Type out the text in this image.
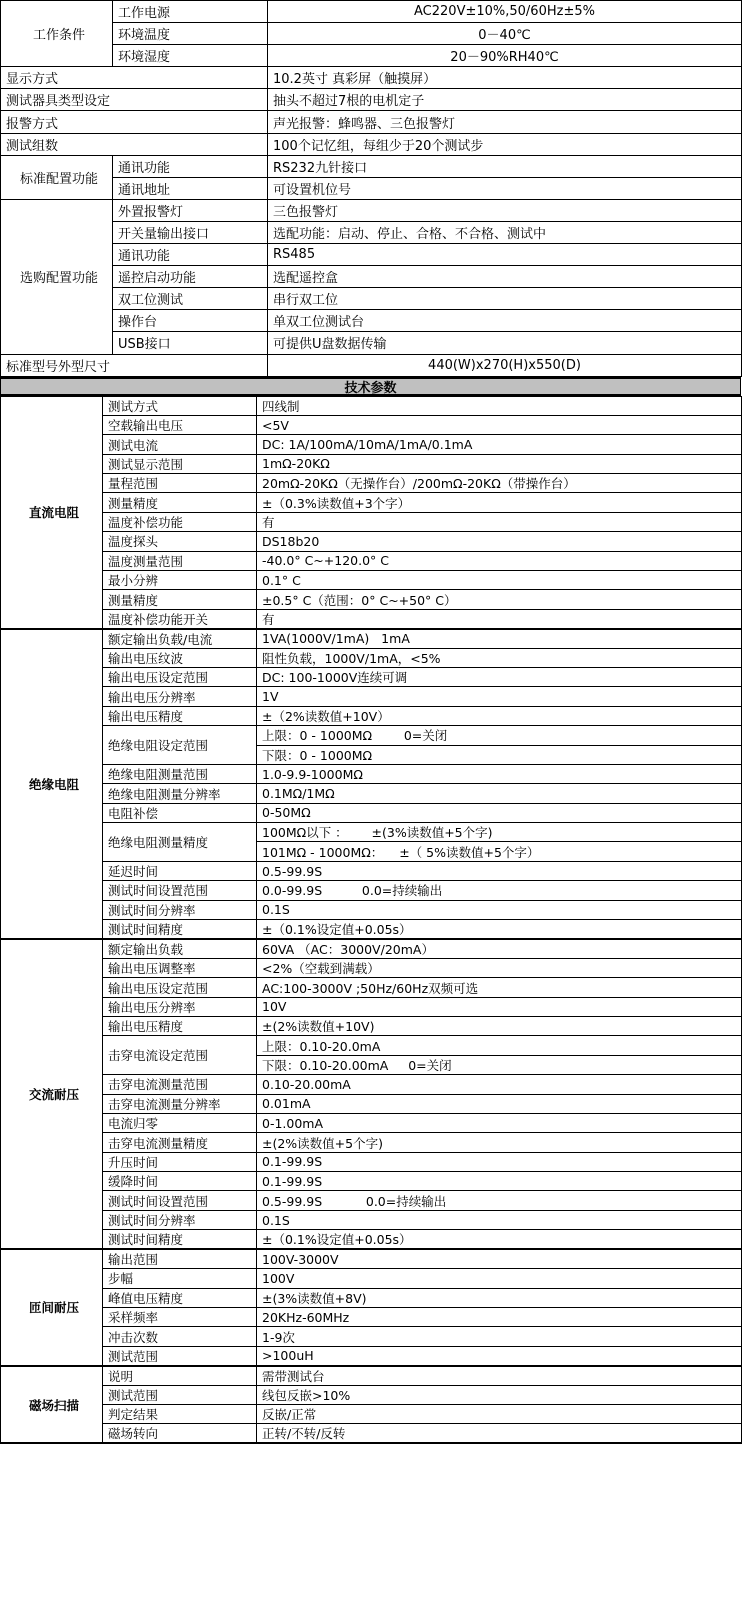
工作条件	工作电源	AC220V±10%,50/60Hz±5%
	环境温度	0－40℃
	环境湿度	20－90%RH40℃
显示方式		10.2英寸 真彩屏（触摸屏）
测试器具类型设定		抽头不超过7根的电机定子
报警方式		声光报警：蜂鸣器、三色报警灯
测试组数		100个记忆组，每组少于20个测试步
标准配置功能	通讯功能	RS232九针接口
	通讯地址	可设置机位号
选购配置功能	外置报警灯	三色报警灯
	开关量输出接口	选配功能：启动、停止、合格、不合格、测试中
	通讯功能	RS485
	遥控启动功能	选配遥控盒
	双工位测试	串行双工位
	操作台	单双工位测试台
	USB接口	可提供U盘数据传输
标准型号外型尺寸		440(W)x270(H)x550(D)
技术参数
直流电阻	测试方式	四线制
	空载输出电压	<5V
	测试电流	DC: 1A/100mA/10mA/1mA/0.1mA
	测试显示范围	1mΩ-20KΩ
	量程范围	20mΩ-20KΩ（无操作台）/200mΩ-20KΩ（带操作台）
	测量精度	±（0.3%读数值+3个字）
	温度补偿功能	有
	温度探头	DS18b20
	温度测量范围	-40.0° C~+120.0° C
	最小分辨	0.1° C
	测量精度	±0.5° C（范围：0° C~+50° C）
	温度补偿功能开关	有
绝缘电阻	额定输出负载/电流	1VA(1000V/1mA)   1mA
	输出电压纹波	阻性负载，1000V/1mA，<5%
	输出电压设定范围	DC: 100-1000V连续可调
	输出电压分辨率	1V
	输出电压精度	±（2%读数值+10V）
	绝缘电阻设定范围	上限：0 - 1000MΩ        0=关闭
		下限：0 - 1000MΩ
	绝缘电阻测量范围	1.0-9.9-1000MΩ
	绝缘电阻测量分辨率	0.1MΩ/1MΩ
	电阻补偿	0-50MΩ
	绝缘电阻测量精度	100MΩ以下 ：      ±(3%读数值+5个字)
		101MΩ - 1000MΩ：    ±（ 5%读数值+5个字）
	延迟时间	0.5-99.9S
	测试时间设置范围	0.0-99.9S          0.0=持续输出
	测试时间分辨率	0.1S
	测试时间精度	±（0.1%设定值+0.05s）
交流耐压	额定输出负载	60VA （AC：3000V/20mA）
	输出电压调整率	<2%（空载到满载）
	输出电压设定范围	AC:100-3000V ;50Hz/60Hz双频可选
	输出电压分辨率	10V
	输出电压精度	±(2%读数值+10V)
	击穿电流设定范围	上限：0.10-20.0mA
		下限：0.10-20.00mA     0=关闭
	击穿电流测量范围	0.10-20.00mA
	击穿电流测量分辨率	0.01mA
	电流归零	0-1.00mA
	击穿电流测量精度	±(2%读数值+5个字)
	升压时间	0.1-99.9S
	缓降时间	0.1-99.9S
	测试时间设置范围	0.5-99.9S           0.0=持续输出
	测试时间分辨率	0.1S
	测试时间精度	±（0.1%设定值+0.05s）
匝间耐压	输出范围	100V-3000V
	步幅	100V
	峰值电压精度	±(3%读数值+8V)
	采样频率	20KHz-60MHz
	冲击次数	1-9次
	测试范围	>100uH
磁场扫描	说明	需带测试台
	测试范围	线包反嵌>10%
	判定结果	反嵌/正常
	磁场转向	正转/不转/反转
